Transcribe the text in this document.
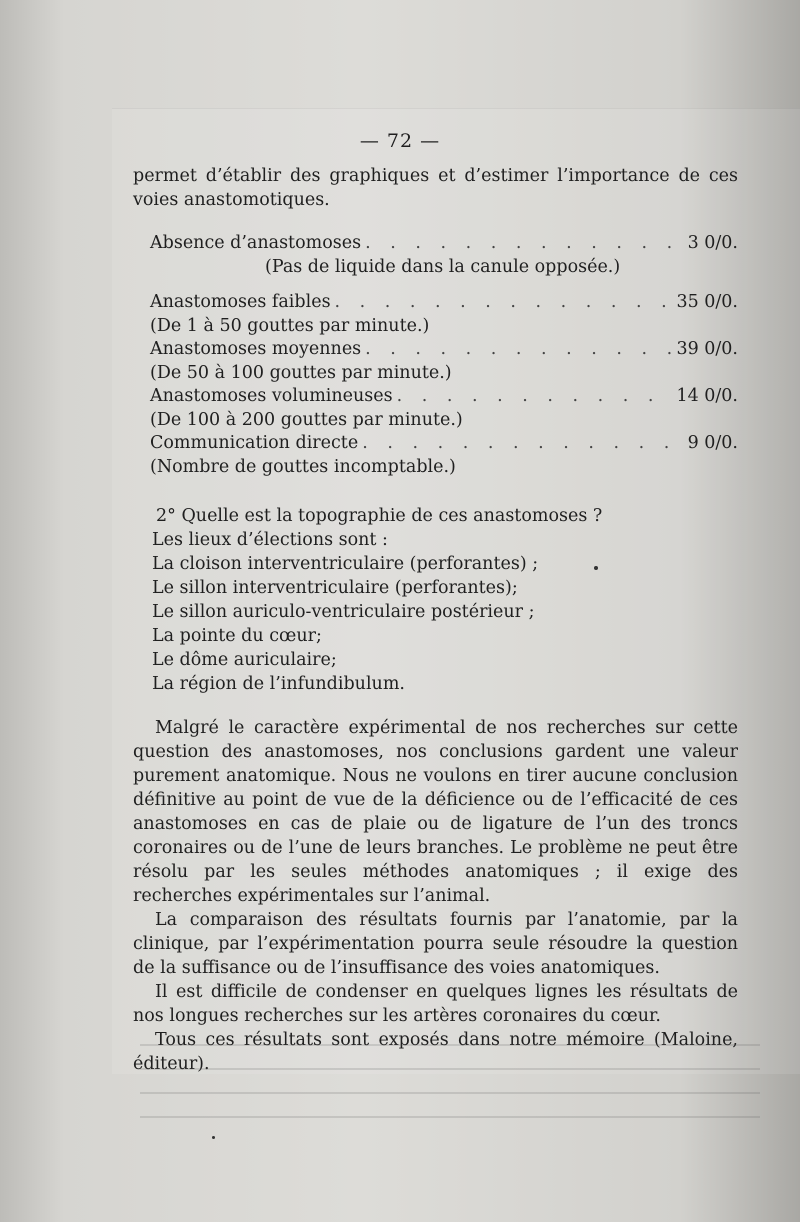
— 72 —

permet d’établir des graphiques et d’estimer l’importance de ces voies anastomotiques.

Absence d’anastomoses . . .	3 0/0.
(Pas de liquide dans la canule opposée.)
Anastomoses faibles . . .	35 0/0.
(De 1 à 50 gouttes par minute.)
Anastomoses moyennes . . .	39 0/0.
(De 50 à 100 gouttes par minute.)
Anastomoses volumineuses . . .	14 0/0.
(De 100 à 200 gouttes par minute.)
Communication directe . . .	9 0/0.
(Nombre de gouttes incomptable.)
2° Quelle est la topographie de ces anastomoses ?
Les lieux d’élections sont :
La cloison interventriculaire (perforantes) ;
Le sillon interventriculaire (perforantes);
Le sillon auriculo-ventriculaire postérieur ;
La pointe du cœur;
Le dôme auriculaire;
La région de l’infundibulum.

Malgré le caractère expérimental de nos recherches sur cette question des anastomoses, nos conclusions gardent une valeur purement anatomique. Nous ne voulons en tirer aucune conclusion définitive au point de vue de la déficience ou de l’efficacité de ces anastomoses en cas de plaie ou de ligature de l’un des troncs coronaires ou de l’une de leurs branches. Le problème ne peut être résolu par les seules méthodes anatomiques ; il exige des recherches expérimentales sur l’animal.

La comparaison des résultats fournis par l’anatomie, par la clinique, par l’expérimentation pourra seule résoudre la question de la suffisance ou de l’insuffisance des voies anatomiques.

Il est difficile de condenser en quelques lignes les résultats de nos longues recherches sur les artères coronaires du cœur.

Tous ces résultats sont exposés dans notre mémoire (Maloine, éditeur).
